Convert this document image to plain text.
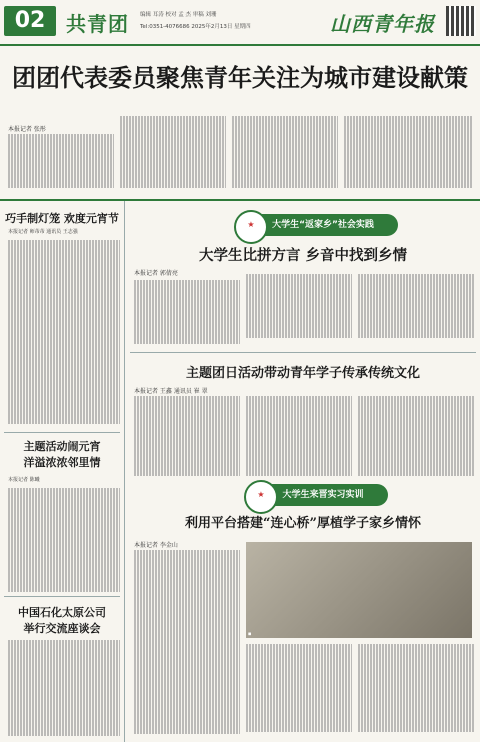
02	共青团 编辑 耳涛 校对 孟 杰 审稿 刘珊
Tel:0351-4076686 2025年2月13日 星期四	山西青年报
团团代表委员聚焦青年关注为城市建设献策
本报记者 张彤
巧手制灯笼 欢度元宵节
本报记者 师芾芾 通讯员 王志强
主题活动闹元宵
洋溢浓浓邻里情
本报记者 陈曦
中国石化太原公司
举行交流座谈会
★	大学生“返家乡”社会实践
大学生比拼方言 乡音中找到乡情
本报记者 郭倩亮
主题团日活动带动青年学子传承传统文化
本报记者 王鑫 通讯员 崔 翠
★	大学生来晋实习实训
利用平台搭建“连心桥”厚植学子家乡情怀
本报记者 李金山
◼
